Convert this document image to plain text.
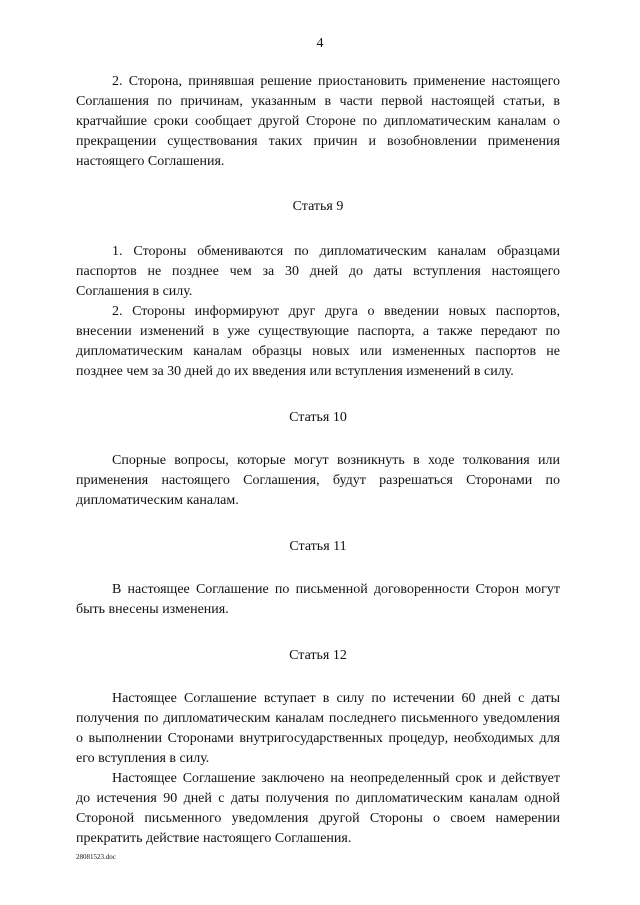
4

2. Сторона, принявшая решение приостановить применение настоящего Соглашения по причинам, указанным в части первой настоящей статьи, в кратчайшие сроки сообщает другой Стороне по дипломатическим каналам о прекращении существования таких причин и возобновлении применения настоящего Соглашения.

Статья 9

1. Стороны обмениваются по дипломатическим каналам образцами паспортов не позднее чем за 30 дней до даты вступления настоящего Соглашения в силу.

2. Стороны информируют друг друга о введении новых паспортов, внесении изменений в уже существующие паспорта, а также передают по дипломатическим каналам образцы новых или измененных паспортов не позднее чем за 30 дней до их введения или вступления изменений в силу.

Статья 10

Спорные вопросы, которые могут возникнуть в ходе толкования или применения настоящего Соглашения, будут разрешаться Сторонами по дипломатическим каналам.

Статья 11

В настоящее Соглашение по письменной договоренности Сторон могут быть внесены изменения.

Статья 12

Настоящее Соглашение вступает в силу по истечении 60 дней с даты получения по дипломатическим каналам последнего письменного уведомления о выполнении Сторонами внутригосударственных процедур, необходимых для его вступления в силу.

Настоящее Соглашение заключено на неопределенный срок и действует до истечения 90 дней с даты получения по дипломатическим каналам одной Стороной письменного уведомления другой Стороны о своем намерении прекратить действие настоящего Соглашения.

28081523.doc
